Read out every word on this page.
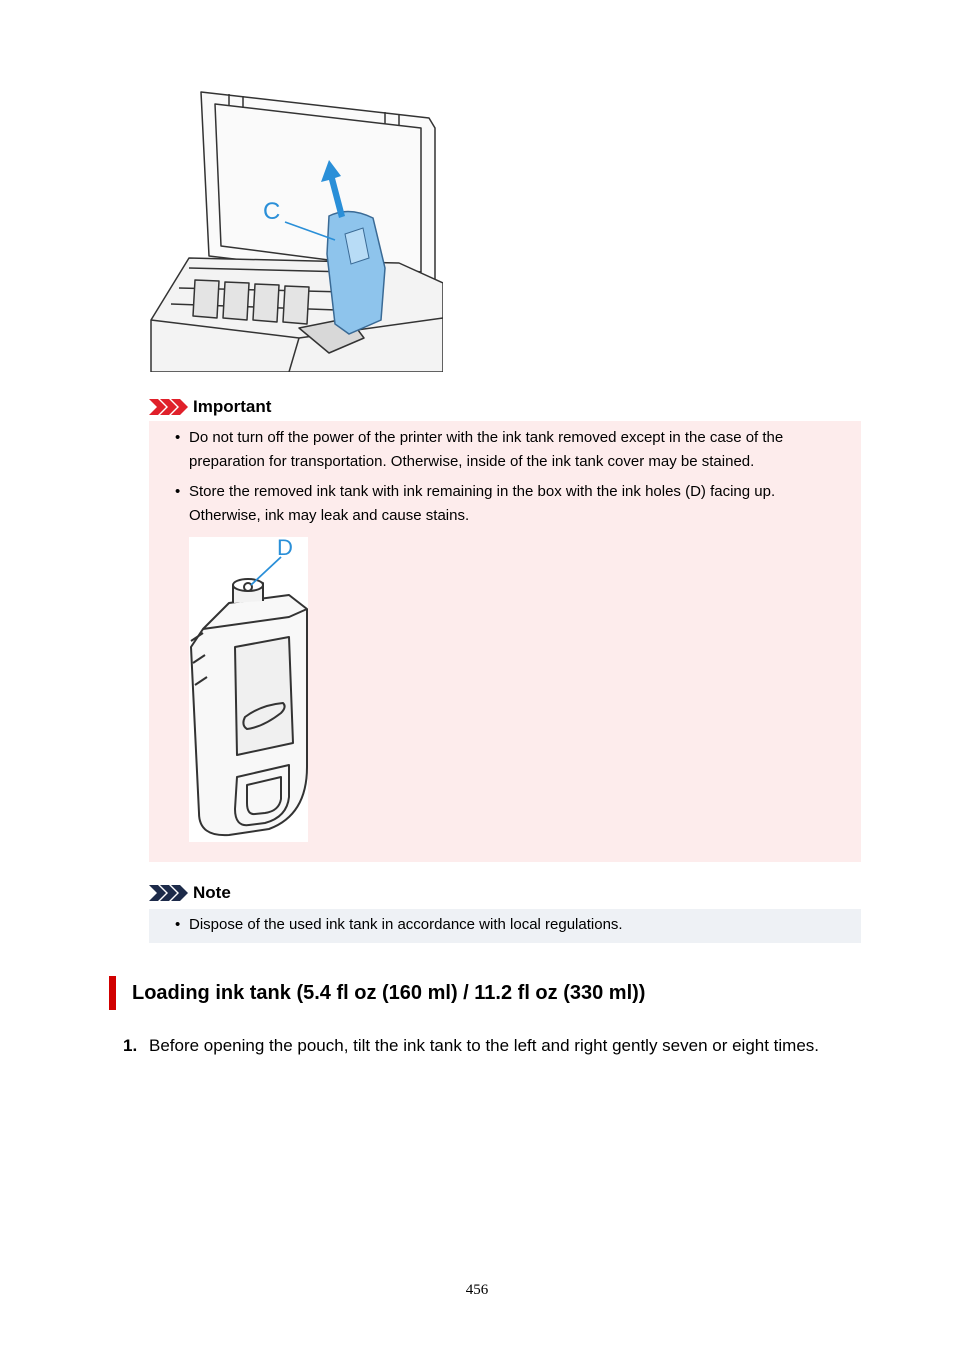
C
Important
• Do not turn off the power of the printer with the ink tank removed except in the case of the preparation for transportation. Otherwise, inside of the ink tank cover may be stained.
• Store the removed ink tank with ink remaining in the box with the ink holes (D) facing up. Otherwise, ink may leak and cause stains.
D
Note
• Dispose of the used ink tank in accordance with local regulations.
Loading ink tank (5.4 fl oz (160 ml) / 11.2 fl oz (330 ml))
1. Before opening the pouch, tilt the ink tank to the left and right gently seven or eight times.
456
